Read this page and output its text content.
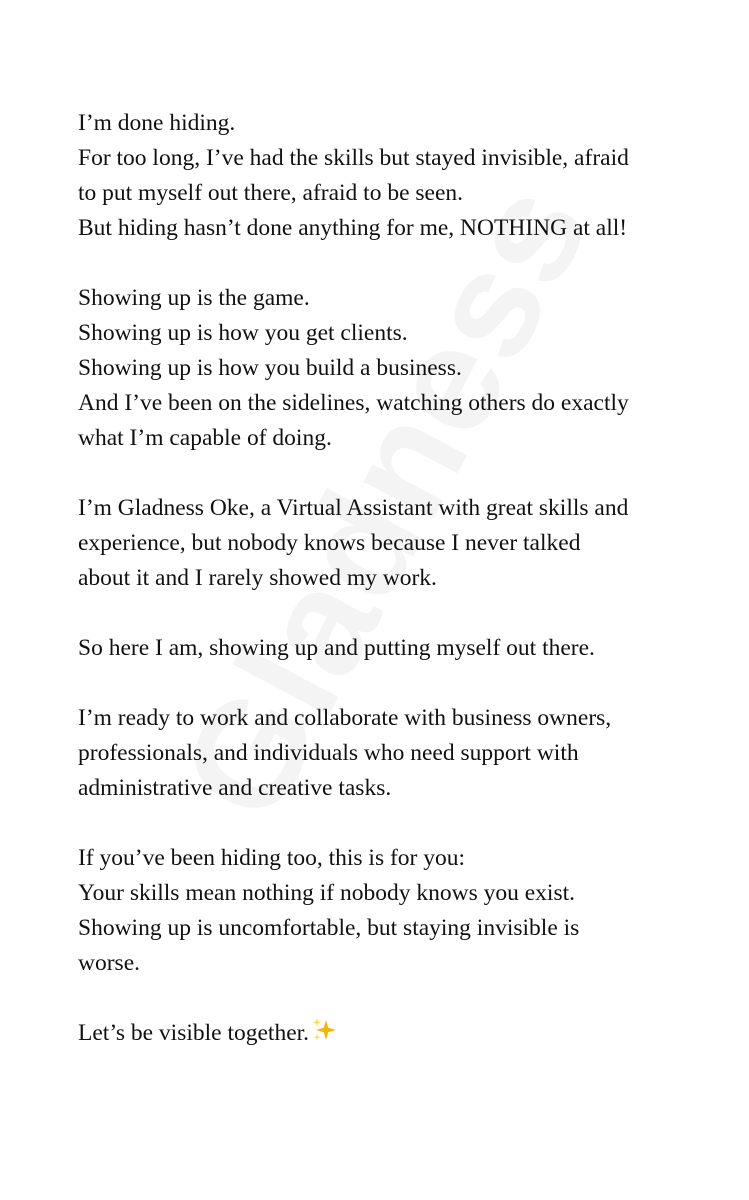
I’m done hiding.

For too long, I’ve had the skills but stayed invisible, afraid

to put myself out there, afraid to be seen.

But hiding hasn’t done anything for me, NOTHING at all!

Showing up is the game.

Showing up is how you get clients.

Showing up is how you build a business.

And I’ve been on the sidelines, watching others do exactly

what I’m capable of doing.

I’m Gladness Oke, a Virtual Assistant with great skills and

experience, but nobody knows because I never talked

about it and I rarely showed my work.

So here I am, showing up and putting myself out there.

I’m ready to work and collaborate with business owners,

professionals, and individuals who need support with

administrative and creative tasks.

If you’ve been hiding too, this is for you:

Your skills mean nothing if nobody knows you exist.

Showing up is uncomfortable, but staying invisible is

worse.

Let’s be visible together.
